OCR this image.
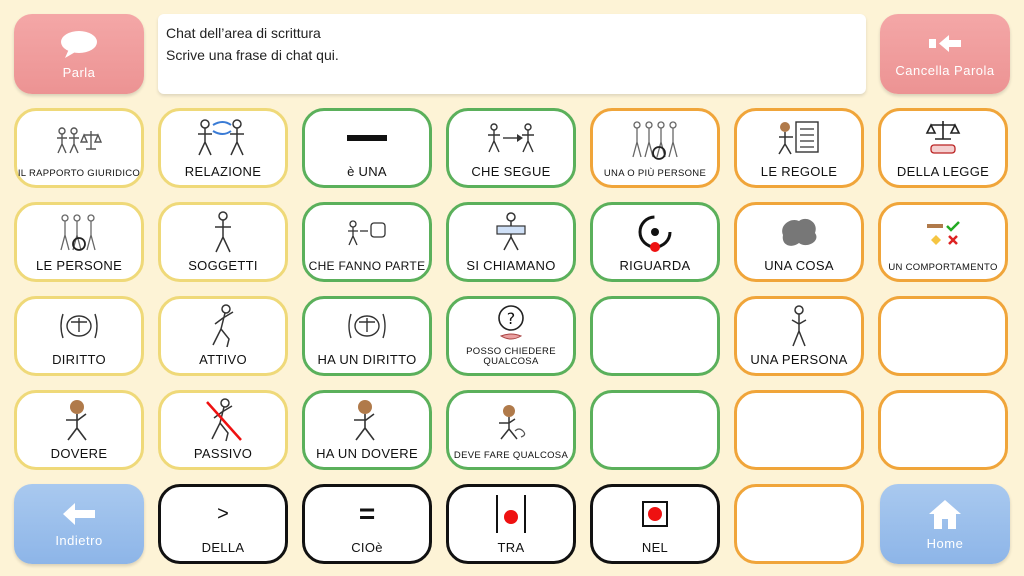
Parla
Chat dell’area di scrittura
Scrive una frase di chat qui.
Cancella Parola
IL RAPPORTO GIURIDICO	RELAZIONE	è UNA	CHE SEGUE	UNA O PIÙ PERSONE	LE REGOLE	DELLA LEGGE
LE PERSONE	SOGGETTI	CHE FANNO PARTE	SI CHIAMANO	RIGUARDA	UNA COSA	UN COMPORTAMENTO
DIRITTO	ATTIVO	HA UN DIRITTO
?
POSSO CHIEDERE QUALCOSA	UNA PERSONA
DOVERE	PASSIVO	HA UN DOVERE	DEVE FARE QUALCOSA
Indietro
>
DELLA
=
CIOè	TRA	NEL	Home
